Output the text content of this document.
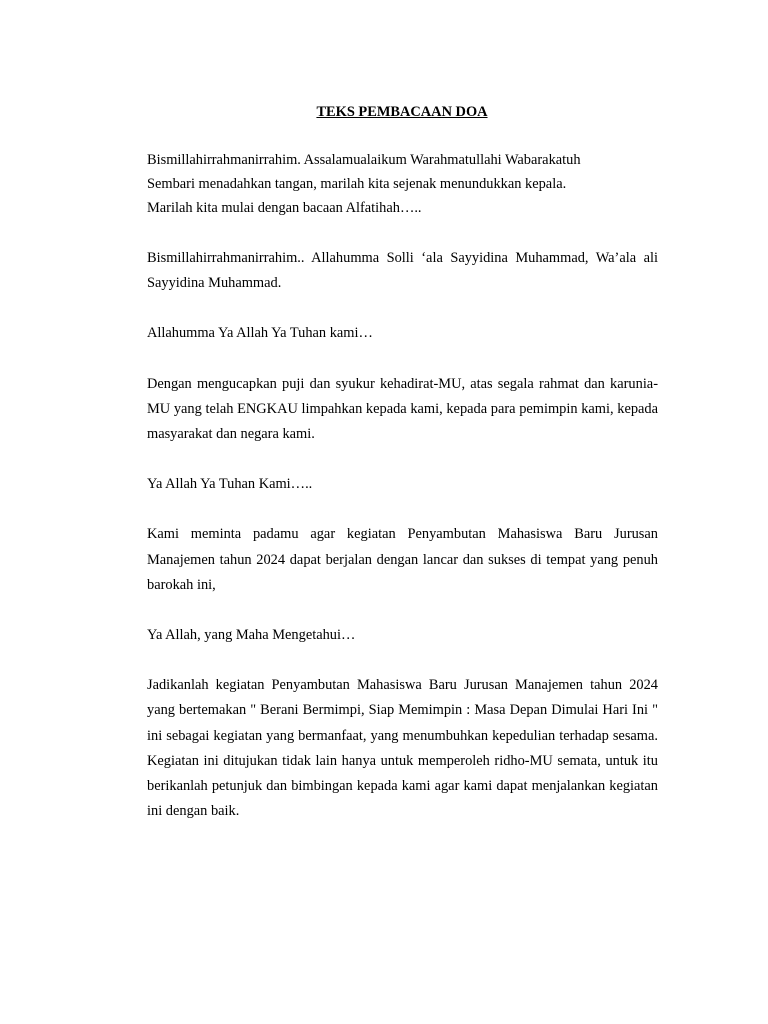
TEKS PEMBACAAN DOA
Bismillahirrahmanirrahim. Assalamualaikum Warahmatullahi Wabarakatuh
Sembari menadahkan tangan, marilah kita sejenak menundukkan kepala.
Marilah kita mulai dengan bacaan Alfatihah…..

Bismillahirrahmanirrahim.. Allahumma Solli ‘ala Sayyidina Muhammad, Wa’ala ali Sayyidina Muhammad.

Allahumma Ya Allah Ya Tuhan kami…

Dengan mengucapkan puji dan syukur kehadirat-MU, atas segala rahmat dan karunia-MU yang telah ENGKAU limpahkan kepada kami, kepada para pemimpin kami, kepada masyarakat dan negara kami.

Ya Allah Ya Tuhan Kami…..

Kami meminta padamu agar kegiatan Penyambutan Mahasiswa Baru Jurusan Manajemen tahun 2024 dapat berjalan dengan lancar dan sukses di tempat yang penuh barokah ini,

Ya Allah, yang Maha Mengetahui…

Jadikanlah kegiatan Penyambutan Mahasiswa Baru Jurusan Manajemen tahun 2024 yang bertemakan " Berani Bermimpi, Siap Memimpin : Masa Depan Dimulai Hari Ini " ini sebagai kegiatan yang bermanfaat, yang menumbuhkan kepedulian terhadap sesama. Kegiatan ini ditujukan tidak lain hanya untuk memperoleh ridho-MU semata, untuk itu berikanlah petunjuk dan bimbingan kepada kami agar kami dapat menjalankan kegiatan ini dengan baik.
